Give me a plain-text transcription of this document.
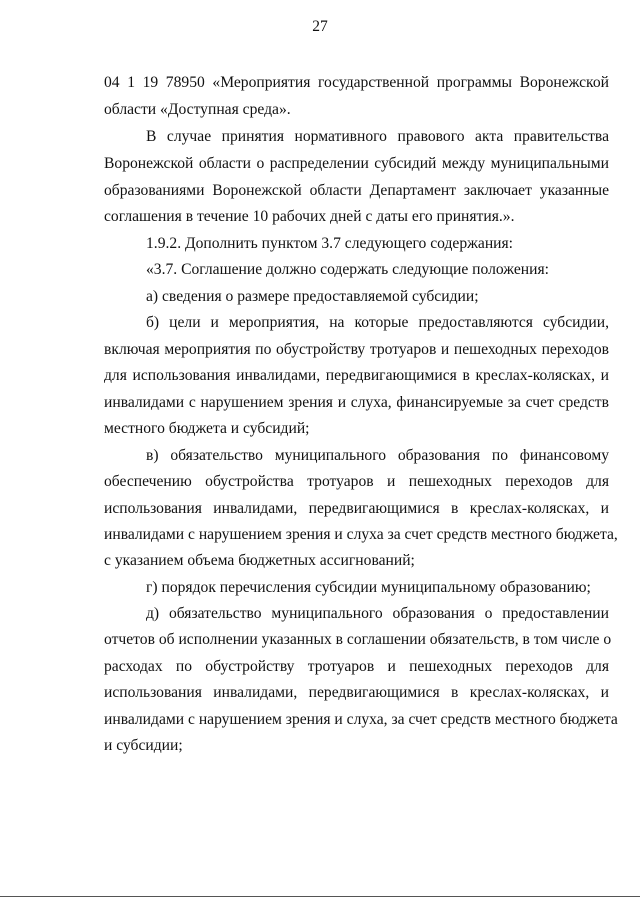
27
04 1 19 78950 «Мероприятия государственной программы Воронежской
области «Доступная среда».
В случае принятия нормативного правового акта правительства
Воронежской области о распределении субсидий между муниципальными
образованиями Воронежской области Департамент заключает указанные
соглашения в течение 10 рабочих дней с даты его принятия.».
1.9.2. Дополнить пунктом 3.7 следующего содержания:
«3.7. Соглашение должно содержать следующие положения:
а) сведения о размере предоставляемой субсидии;
б) цели и мероприятия, на которые предоставляются субсидии,
включая мероприятия по обустройству тротуаров и пешеходных переходов
для использования инвалидами, передвигающимися в креслах-колясках, и
инвалидами с нарушением зрения и слуха, финансируемые за счет средств
местного бюджета и субсидий;
в) обязательство муниципального образования по финансовому
обеспечению обустройства тротуаров и пешеходных переходов для
использования инвалидами, передвигающимися в креслах-колясках, и
инвалидами с нарушением зрения и слуха за счет средств местного бюджета,
с указанием объема бюджетных ассигнований;
г) порядок перечисления субсидии муниципальному образованию;
д) обязательство муниципального образования о предоставлении
отчетов об исполнении указанных в соглашении обязательств, в том числе о
расходах по обустройству тротуаров и пешеходных переходов для
использования инвалидами, передвигающимися в креслах-колясках, и
инвалидами с нарушением зрения и слуха, за счет средств местного бюджета
и субсидии;
